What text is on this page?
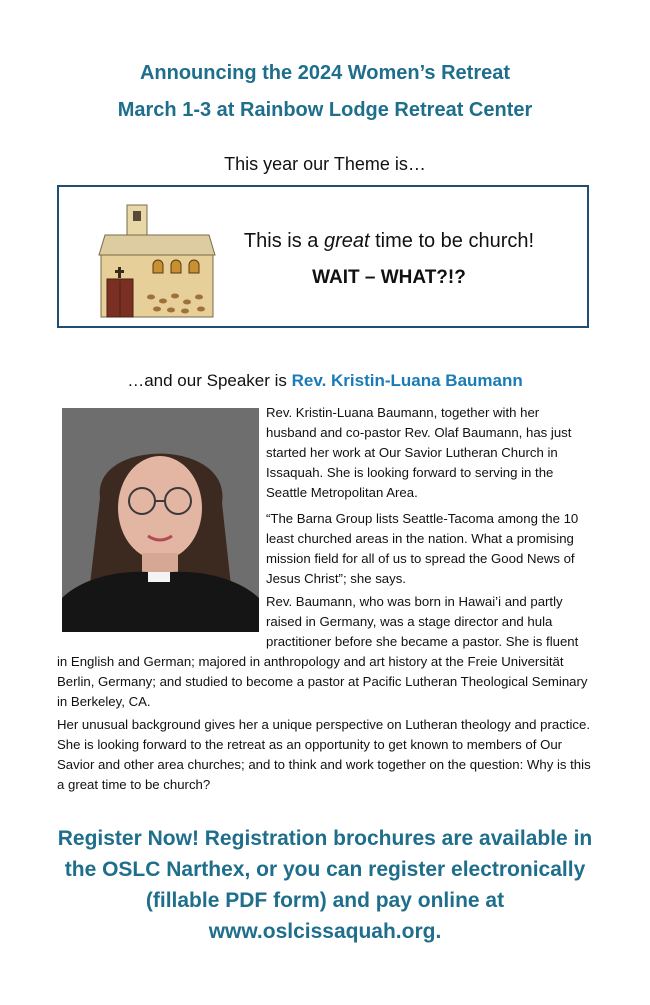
Announcing the 2024 Women’s Retreat
March 1-3 at Rainbow Lodge Retreat Center

This year our Theme is…

This is a great time to be church!

WAIT – WHAT?!?

…and our Speaker is Rev. Kristin-Luana Baumann

Rev. Kristin-Luana Baumann, together with her husband and co-pastor Rev. Olaf Baumann, has just started her work at Our Savior Lutheran Church in Issaquah. She is looking forward to serving in the Seattle Metropolitan Area.

“The Barna Group lists Seattle-Tacoma among the 10 least churched areas in the nation. What a promising mission field for all of us to spread the Good News of Jesus Christ”; she says.

Rev. Baumann, who was born in Hawai’i and partly raised in Germany, was a stage director and hula practitioner before she became a pastor. She is fluent

in English and German; majored in anthropology and art history at the Freie Universität Berlin, Germany; and studied to become a pastor at Pacific Lutheran Theological Seminary in Berkeley, CA.

Her unusual background gives her a unique perspective on Lutheran theology and practice. She is looking forward to the retreat as an opportunity to get known to members of Our Savior and other area churches; and to think and work together on the question: Why is this a great time to be church?

Register Now! Registration brochures are available in the OSLC Narthex, or you can register electronically (fillable PDF form) and pay online at www.oslcissaquah.org.
